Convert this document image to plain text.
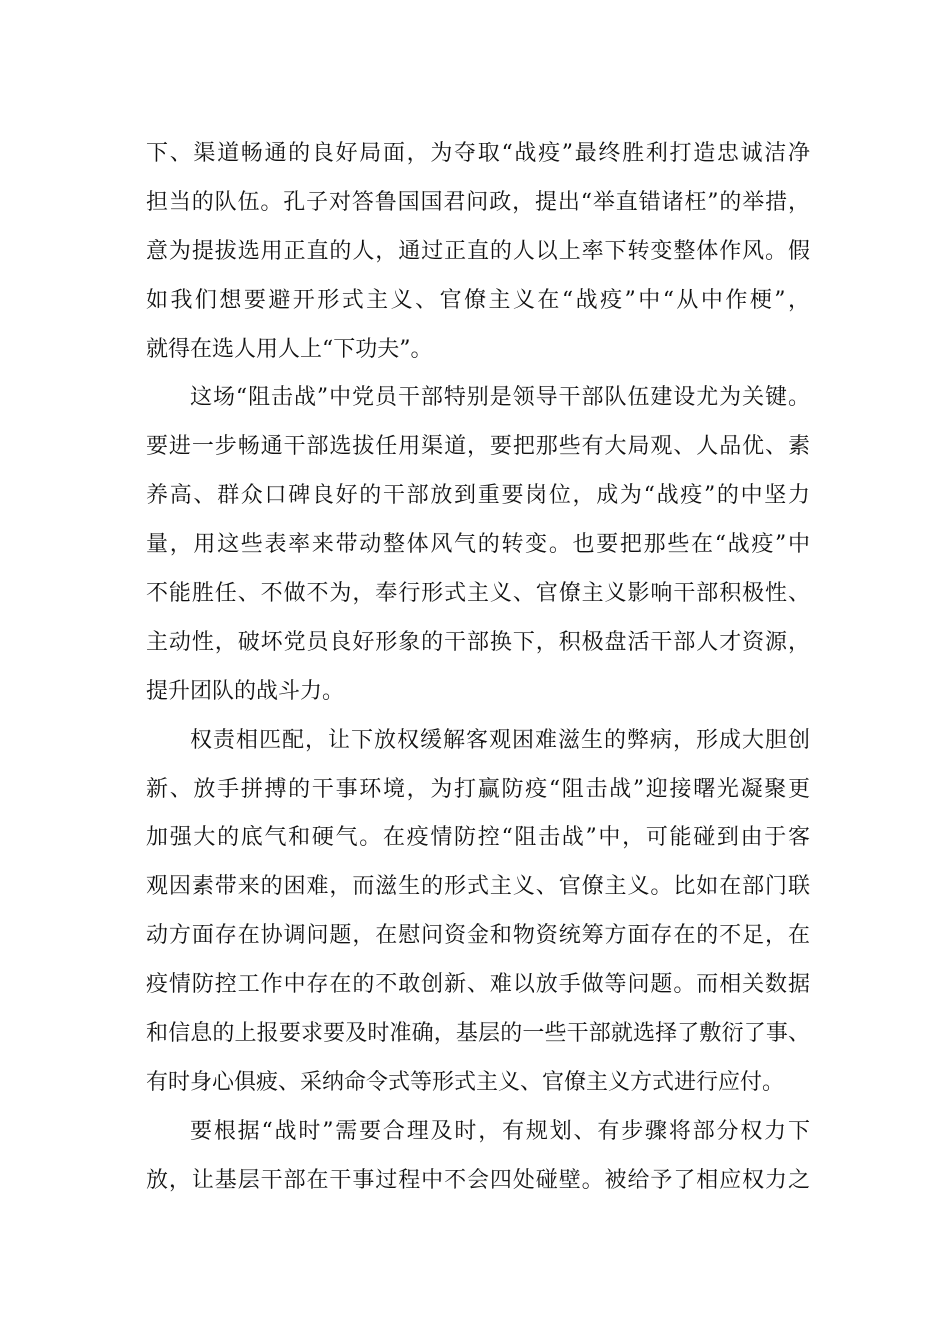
下、渠道畅通的良好局面，为夺取“战疫”最终胜利打造忠诚洁净
担当的队伍。孔子对答鲁国国君问政，提出“举直错诸枉”的举措，
意为提拔选用正直的人，通过正直的人以上率下转变整体作风。假
如我们想要避开形式主义、官僚主义在“战疫”中“从中作梗”，
就得在选人用人上“下功夫”。
这场“阻击战”中党员干部特别是领导干部队伍建设尤为关键。
要进一步畅通干部选拔任用渠道，要把那些有大局观、人品优、素
养高、群众口碑良好的干部放到重要岗位，成为“战疫”的中坚力
量，用这些表率来带动整体风气的转变。也要把那些在“战疫”中
不能胜任、不做不为，奉行形式主义、官僚主义影响干部积极性、
主动性，破坏党员良好形象的干部换下，积极盘活干部人才资源，
提升团队的战斗力。
权责相匹配，让下放权缓解客观困难滋生的弊病，形成大胆创
新、放手拼搏的干事环境，为打赢防疫“阻击战”迎接曙光凝聚更
加强大的底气和硬气。在疫情防控“阻击战”中，可能碰到由于客
观因素带来的困难，而滋生的形式主义、官僚主义。比如在部门联
动方面存在协调问题，在慰问资金和物资统筹方面存在的不足，在
疫情防控工作中存在的不敢创新、难以放手做等问题。而相关数据
和信息的上报要求要及时准确，基层的一些干部就选择了敷衍了事、
有时身心俱疲、采纳命令式等形式主义、官僚主义方式进行应付。
要根据“战时”需要合理及时，有规划、有步骤将部分权力下
放，让基层干部在干事过程中不会四处碰壁。被给予了相应权力之
